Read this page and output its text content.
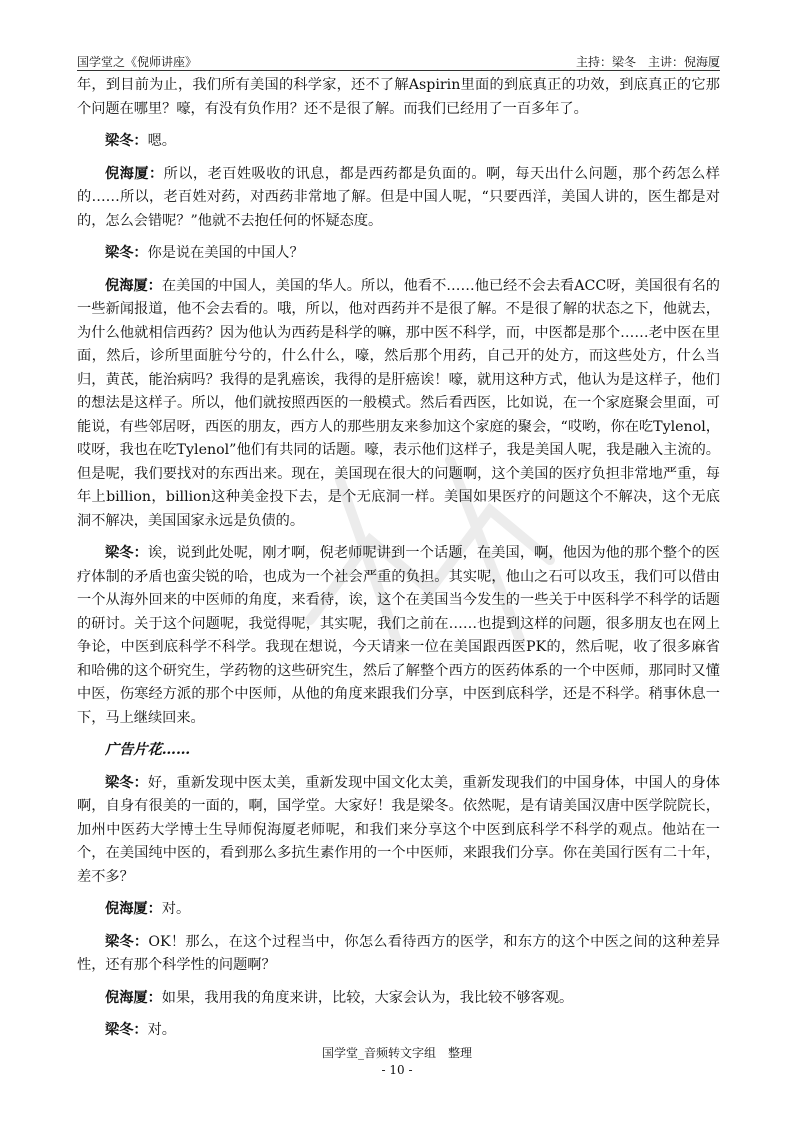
国学堂之《倪师讲座》	主持：梁冬　主讲：倪海厦

年，到目前为止，我们所有美国的科学家，还不了解Aspirin里面的到底真正的功效，到底真正的它那个问题在哪里？嚎，有没有负作用？还不是很了解。而我们已经用了一百多年了。

梁冬：嗯。

倪海厦：所以，老百姓吸收的讯息，都是西药都是负面的。啊，每天出什么问题，那个药怎么样的……所以，老百姓对药，对西药非常地了解。但是中国人呢，“只要西洋，美国人讲的，医生都是对的，怎么会错呢？”他就不去抱任何的怀疑态度。

梁冬：你是说在美国的中国人？

倪海厦：在美国的中国人，美国的华人。所以，他看不……他已经不会去看ACC呀，美国很有名的一些新闻报道，他不会去看的。哦，所以，他对西药并不是很了解。不是很了解的状态之下，他就去，为什么他就相信西药？因为他认为西药是科学的嘛，那中医不科学，而，中医都是那个……老中医在里面，然后，诊所里面脏兮兮的，什么什么，嚎，然后那个用药，自己开的处方，而这些处方，什么当归，黄芪，能治病吗？我得的是乳癌诶，我得的是肝癌诶！嚎，就用这种方式，他认为是这样子，他们的想法是这样子。所以，他们就按照西医的一般模式。然后看西医，比如说，在一个家庭聚会里面，可能说，有些邻居呀，西医的朋友，西方人的那些朋友来参加这个家庭的聚会，“哎哟，你在吃Tylenol，哎呀，我也在吃Tylenol”他们有共同的话题。嚎，表示他们这样子，我是美国人呢，我是融入主流的。但是呢，我们要找对的东西出来。现在，美国现在很大的问题啊，这个美国的医疗负担非常地严重，每年上billion，billion这种美金投下去，是个无底洞一样。美国如果医疗的问题这个不解决，这个无底洞不解决，美国国家永远是负债的。

梁冬：诶，说到此处呢，刚才啊，倪老师呢讲到一个话题，在美国，啊，他因为他的那个整个的医疗体制的矛盾也蛮尖锐的哈，也成为一个社会严重的负担。其实呢，他山之石可以攻玉，我们可以借由一个从海外回来的中医师的角度，来看待，诶，这个在美国当今发生的一些关于中医科学不科学的话题的研讨。关于这个问题呢，我觉得呢，其实呢，我们之前在……也提到这样的问题，很多朋友也在网上争论，中医到底科学不科学。我现在想说，今天请来一位在美国跟西医PK的，然后呢，收了很多麻省和哈佛的这个研究生，学药物的这些研究生，然后了解整个西方的医药体系的一个中医师，那同时又懂中医，伤寒经方派的那个中医师，从他的角度来跟我们分享，中医到底科学，还是不科学。稍事休息一下，马上继续回来。

广告片花……

梁冬：好，重新发现中医太美，重新发现中国文化太美，重新发现我们的中国身体，中国人的身体啊，自身有很美的一面的，啊，国学堂。大家好！我是梁冬。依然呢，是有请美国汉唐中医学院院长，加州中医药大学博士生导师倪海厦老师呢，和我们来分享这个中医到底科学不科学的观点。他站在一个，在美国纯中医的，看到那么多抗生素作用的一个中医师，来跟我们分享。你在美国行医有二十年，差不多？

倪海厦：对。

梁冬：OK！那么，在这个过程当中，你怎么看待西方的医学，和东方的这个中医之间的这种差异性，还有那个科学性的问题啊？

倪海厦：如果，我用我的角度来讲，比较，大家会认为，我比较不够客观。

梁冬：对。

国学堂_音频转文字组　整理
- 10 -
